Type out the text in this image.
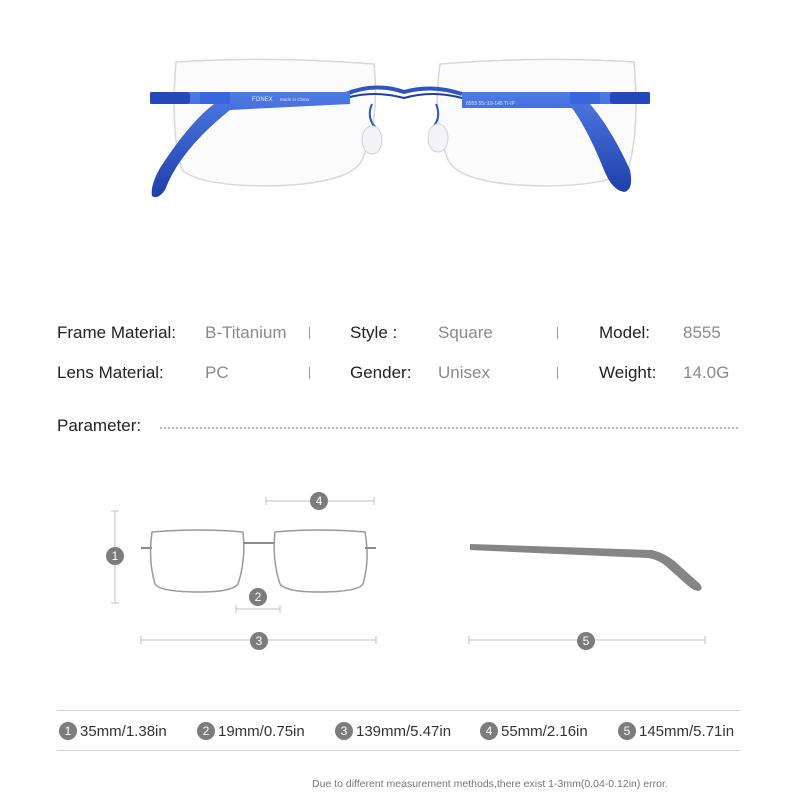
FONEX Made in China
8555 55□19-145 TI-IP
Frame Material: B-Titanium	Style : Square	Model: 8555
Lens Material: PC	Gender: Unisex	Weight: 14.0G
Parameter:
4
1
2
3	5
1 35mm/1.38in	2 19mm/0.75in	3 139mm/5.47in	4 55mm/2.16in	5 145mm/5.71in
Due to different measurement methods,there exist 1-3mm(0.04-0.12in) error.
